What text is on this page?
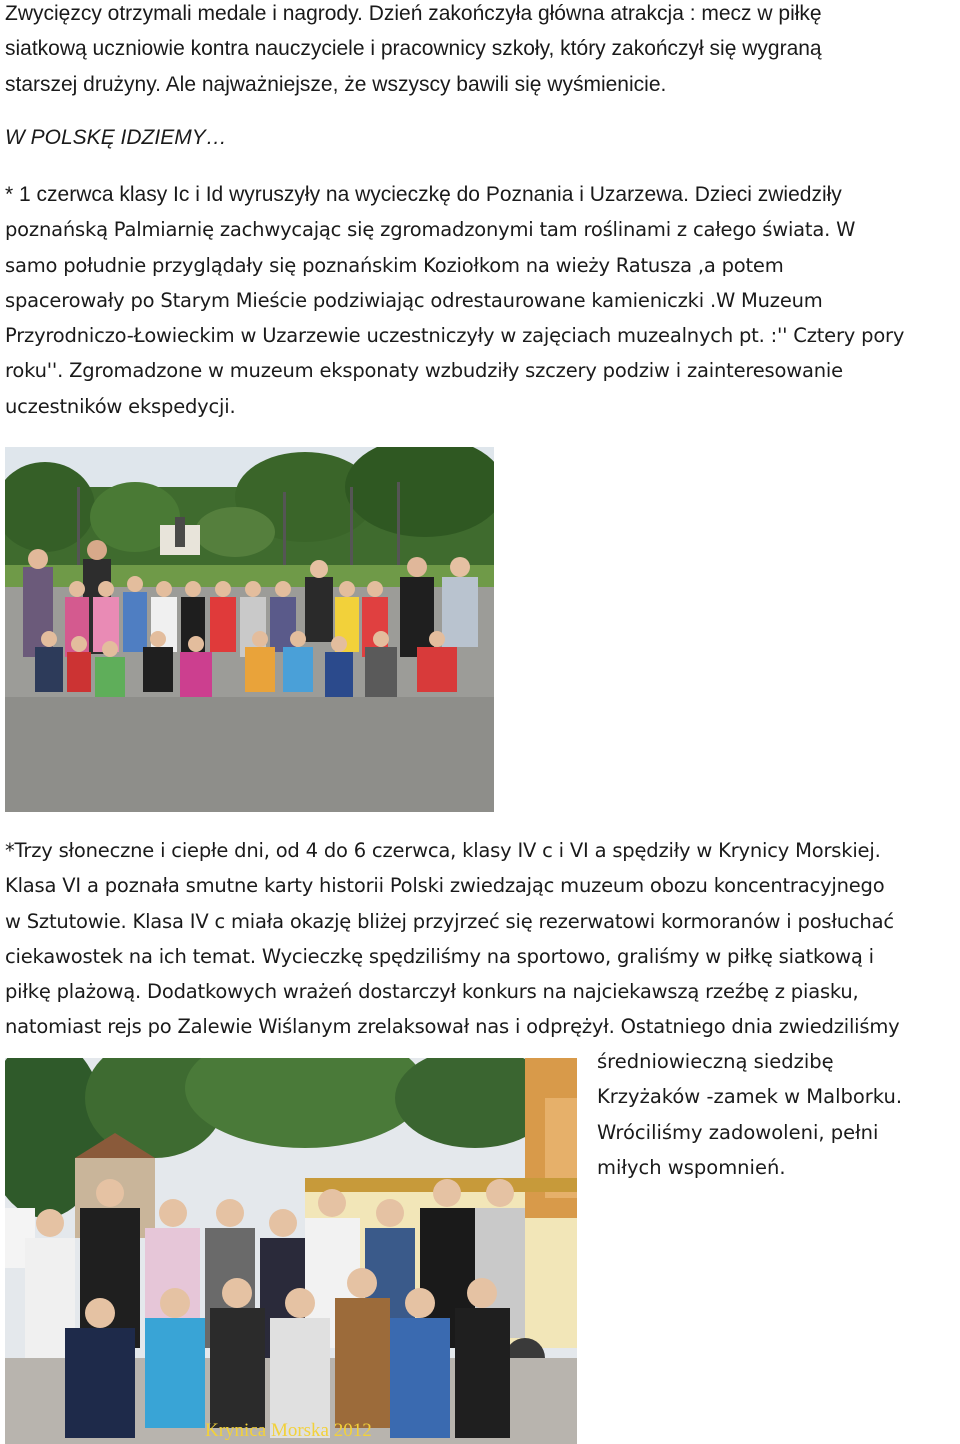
Zwycięzcy otrzymali medale i nagrody. Dzień zakończyła główna atrakcja : mecz w piłkę
siatkową uczniowie kontra nauczyciele i pracownicy szkoły, który zakończył się wygraną
starszej drużyny. Ale najważniejsze, że wszyscy bawili się wyśmienicie.
W POLSKĘ IDZIEMY…
* 1 czerwca klasy Ic i Id wyruszyły na wycieczkę do Poznania i Uzarzewa. Dzieci zwiedziły
poznańską Palmiarnię zachwycając się zgromadzonymi tam roślinami z całego świata. W
samo południe przyglądały się poznańskim Koziołkom na wieży Ratusza ,a potem
spacerowały po Starym Mieście podziwiając odrestaurowane kamieniczki .W Muzeum
Przyrodniczo-Łowieckim w Uzarzewie uczestniczyły w zajęciach muzealnych pt. :'' Cztery pory
roku''. Zgromadzone w muzeum eksponaty wzbudziły szczery podziw i zainteresowanie
uczestników ekspedycji.
*Trzy słoneczne i ciepłe dni, od 4 do 6 czerwca, klasy IV c i VI a spędziły w Krynicy Morskiej.
Klasa VI a poznała smutne karty historii Polski zwiedzając muzeum obozu koncentracyjnego
w Sztutowie. Klasa IV c miała okazję bliżej przyjrzeć się rezerwatowi kormoranów i posłuchać
ciekawostek na ich temat. Wycieczkę spędziliśmy na sportowo, graliśmy w piłkę siatkową i
piłkę plażową. Dodatkowych wrażeń dostarczył konkurs na najciekawszą rzeźbę z piasku,
natomiast rejs po Zalewie Wiślanym zrelaksował nas i odprężył. Ostatniego dnia zwiedziliśmy
Krynica Morska 2012
średniowieczną siedzibę
Krzyżaków -zamek w Malborku.
Wróciliśmy zadowoleni, pełni
miłych wspomnień.
